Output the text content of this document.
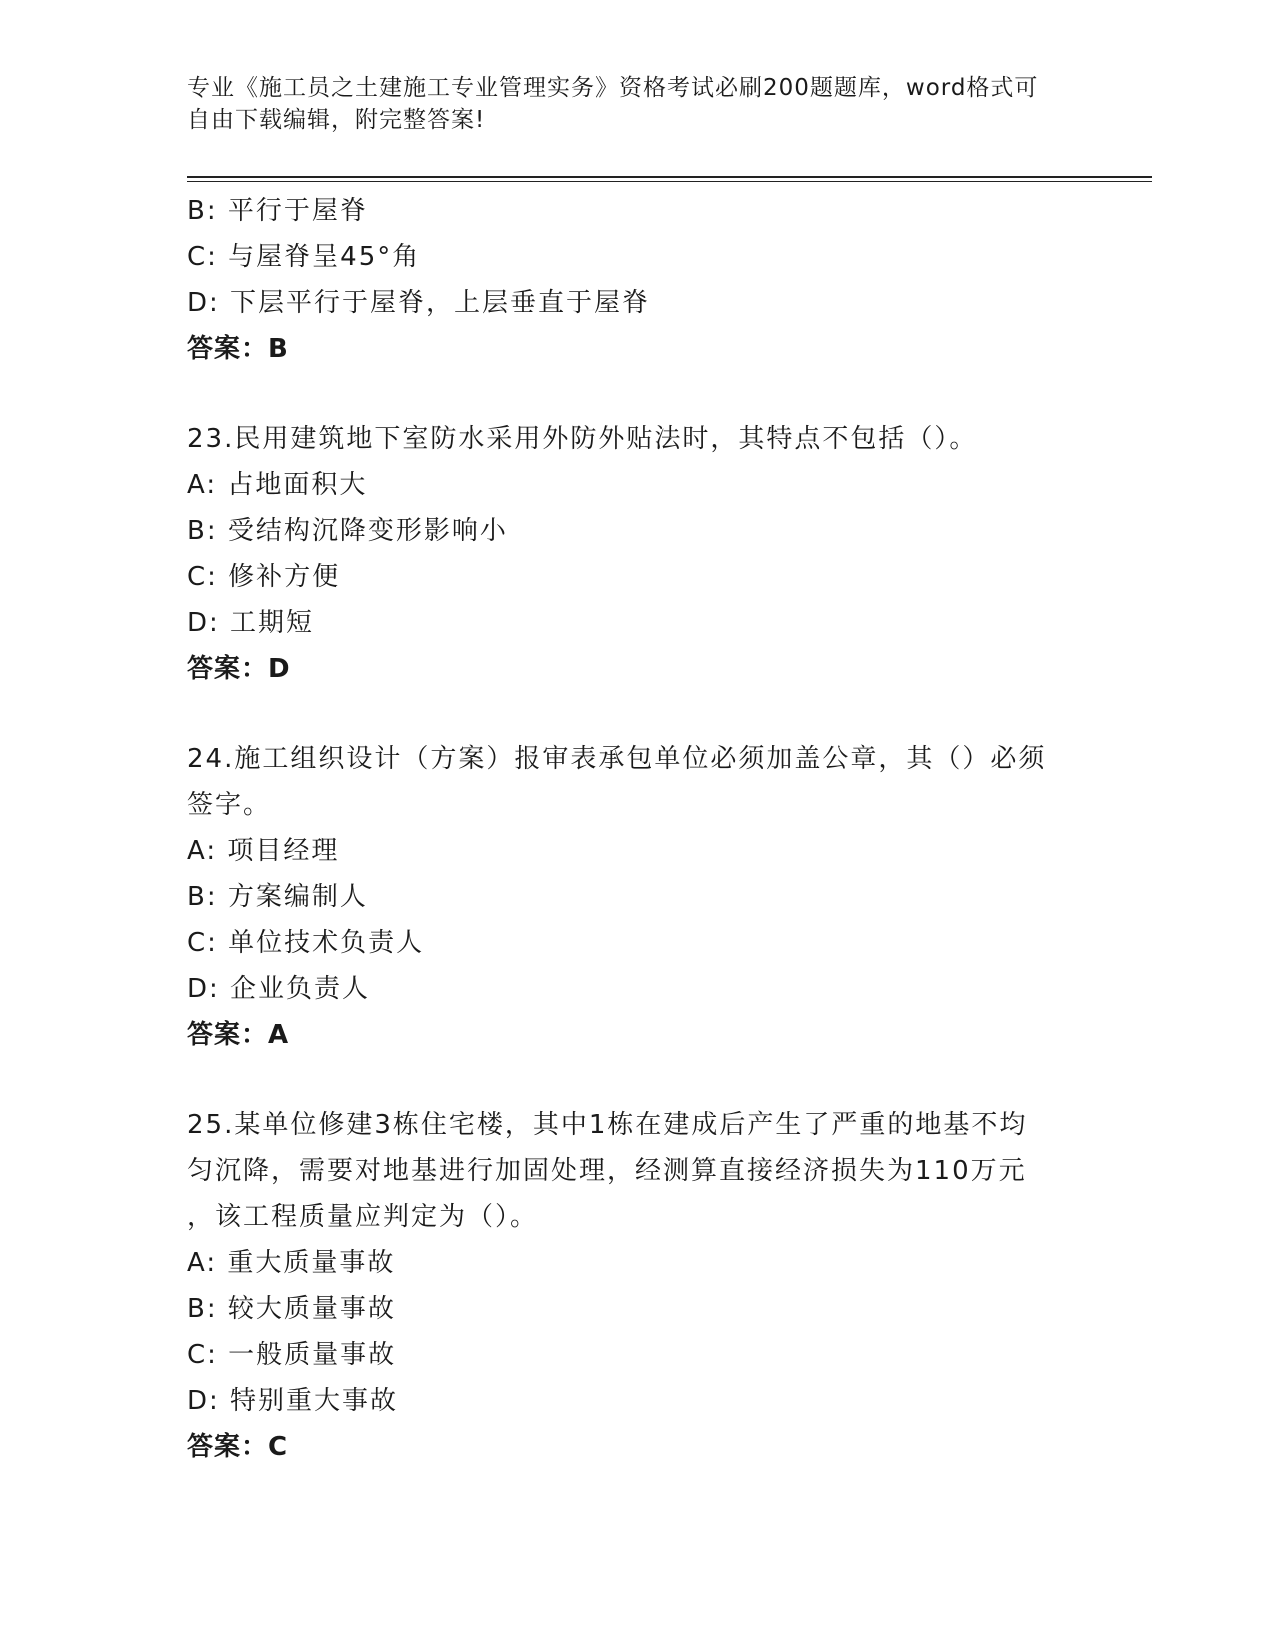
专业《施工员之土建施工专业管理实务》资格考试必刷200题题库，word格式可
自由下载编辑，附完整答案!
B: 平行于屋脊
C: 与屋脊呈45°角
D: 下层平行于屋脊，上层垂直于屋脊
答案：B
23.民用建筑地下室防水采用外防外贴法时，其特点不包括（）。
A: 占地面积大
B: 受结构沉降变形影响小
C: 修补方便
D: 工期短
答案：D
24.施工组织设计（方案）报审表承包单位必须加盖公章，其（）必须
签字。
A: 项目经理
B: 方案编制人
C: 单位技术负责人
D: 企业负责人
答案：A
25.某单位修建3栋住宅楼，其中1栋在建成后产生了严重的地基不均
匀沉降，需要对地基进行加固处理，经测算直接经济损失为110万元
，该工程质量应判定为（）。
A: 重大质量事故
B: 较大质量事故
C: 一般质量事故
D: 特别重大事故
答案：C
